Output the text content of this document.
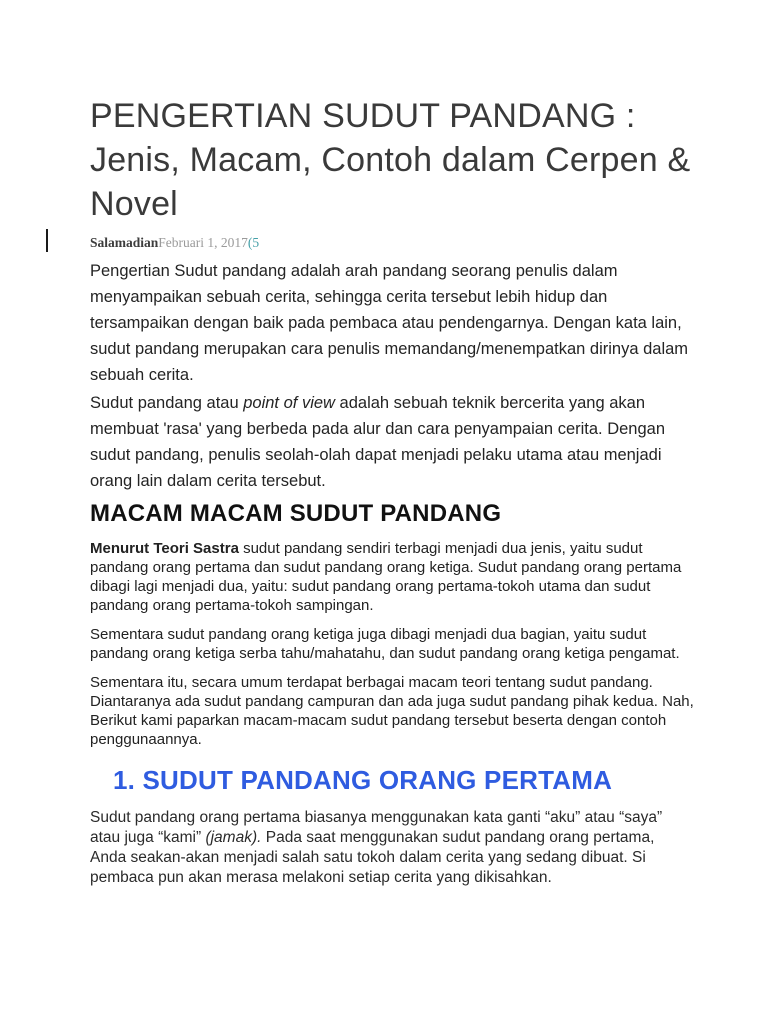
PENGERTIAN SUDUT PANDANG : Jenis, Macam, Contoh dalam Cerpen & Novel
SalamadianFebruari 1, 2017(5

Pengertian Sudut pandang adalah arah pandang seorang penulis dalam menyampaikan sebuah cerita, sehingga cerita tersebut lebih hidup dan tersampaikan dengan baik pada pembaca atau pendengarnya. Dengan kata lain, sudut pandang merupakan cara penulis memandang/menempatkan dirinya dalam sebuah cerita.

Sudut pandang atau point of view adalah sebuah teknik bercerita yang akan membuat 'rasa' yang berbeda pada alur dan cara penyampaian cerita. Dengan sudut pandang, penulis seolah-olah dapat menjadi pelaku utama atau menjadi orang lain dalam cerita tersebut.

MACAM MACAM SUDUT PANDANG

Menurut Teori Sastra sudut pandang sendiri terbagi menjadi dua jenis, yaitu sudut pandang orang pertama dan sudut pandang orang ketiga. Sudut pandang orang pertama dibagi lagi menjadi dua, yaitu: sudut pandang orang pertama-tokoh utama dan sudut pandang orang pertama-tokoh sampingan.

Sementara sudut pandang orang ketiga juga dibagi menjadi dua bagian, yaitu sudut pandang orang ketiga serba tahu/mahatahu, dan sudut pandang orang ketiga pengamat.

Sementara itu, secara umum terdapat berbagai macam teori tentang sudut pandang. Diantaranya ada sudut pandang campuran dan ada juga sudut pandang pihak kedua. Nah, Berikut kami paparkan macam-macam sudut pandang tersebut beserta dengan contoh penggunaannya.

1. SUDUT PANDANG ORANG PERTAMA

Sudut pandang orang pertama biasanya menggunakan kata ganti “aku” atau “saya” atau juga “kami” (jamak). Pada saat menggunakan sudut pandang orang pertama, Anda seakan-akan menjadi salah satu tokoh dalam cerita yang sedang dibuat. Si pembaca pun akan merasa melakoni setiap cerita yang dikisahkan.
